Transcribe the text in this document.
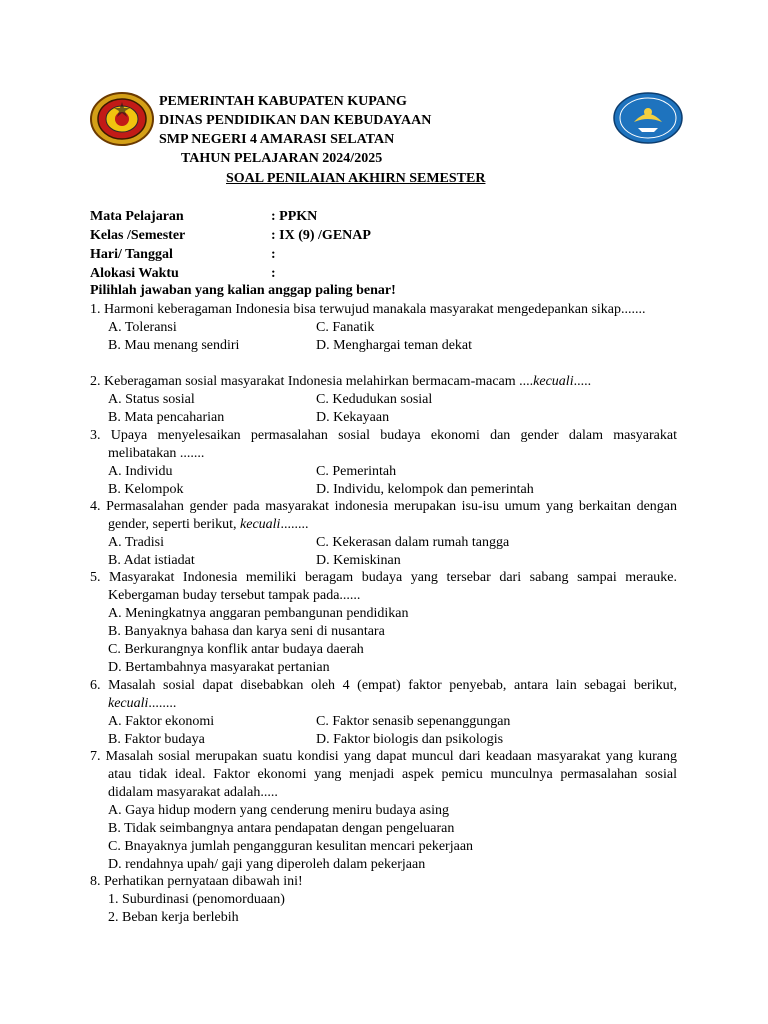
PEMERINTAH KABUPATEN KUPANG
DINAS PENDIDIKAN DAN KEBUDAYAAN
SMP NEGERI 4 AMARASI SELATAN
TAHUN PELAJARAN 2024/2025
SOAL PENILAIAN AKHIRN SEMESTER
Mata Pelajaran	: PPKN
Kelas /Semester	: IX (9) /GENAP
Hari/ Tanggal	:
Alokasi Waktu	:
Pilihlah jawaban yang kalian anggap paling benar!
1. Harmoni keberagaman Indonesia bisa terwujud manakala masyarakat mengedepankan sikap.......
A. Toleransi	C. Fanatik
B. Mau menang sendiri	D. Menghargai teman dekat
2. Keberagaman sosial masyarakat Indonesia melahirkan bermacam-macam ....kecuali.....
A. Status sosial	C. Kedudukan sosial
B. Mata pencaharian	D. Kekayaan
3. Upaya menyelesaikan permasalahan sosial budaya ekonomi dan gender dalam masyarakat melibatakan .......
A. Individu	C. Pemerintah
B. Kelompok	D. Individu, kelompok dan pemerintah
4. Permasalahan gender pada masyarakat indonesia merupakan isu-isu umum yang berkaitan dengan gender, seperti berikut, kecuali........
A. Tradisi	C. Kekerasan dalam rumah tangga
B. Adat istiadat	D. Kemiskinan
5. Masyarakat Indonesia memiliki beragam budaya yang tersebar dari sabang sampai merauke. Kebergaman buday tersebut tampak pada......
A. Meningkatnya anggaran pembangunan pendidikan
B. Banyaknya bahasa dan karya seni di nusantara
C. Berkurangnya konflik antar budaya daerah
D. Bertambahnya masyarakat pertanian
6. Masalah sosial dapat disebabkan oleh 4 (empat) faktor penyebab, antara lain sebagai berikut, kecuali........
A. Faktor ekonomi	C. Faktor senasib sepenanggungan
B. Faktor budaya	D. Faktor biologis dan psikologis
7. Masalah sosial merupakan suatu kondisi yang dapat muncul dari keadaan masyarakat yang kurang atau tidak ideal. Faktor ekonomi yang menjadi aspek pemicu munculnya permasalahan sosial didalam masyarakat adalah.....
A. Gaya hidup modern yang cenderung meniru budaya asing
B. Tidak seimbangnya antara pendapatan dengan pengeluaran
C. Bnayaknya jumlah pengangguran kesulitan mencari pekerjaan
D. rendahnya upah/ gaji yang diperoleh dalam pekerjaan
8. Perhatikan pernyataan dibawah ini!
1. Suburdinasi (penomorduaan)
2. Beban kerja berlebih
